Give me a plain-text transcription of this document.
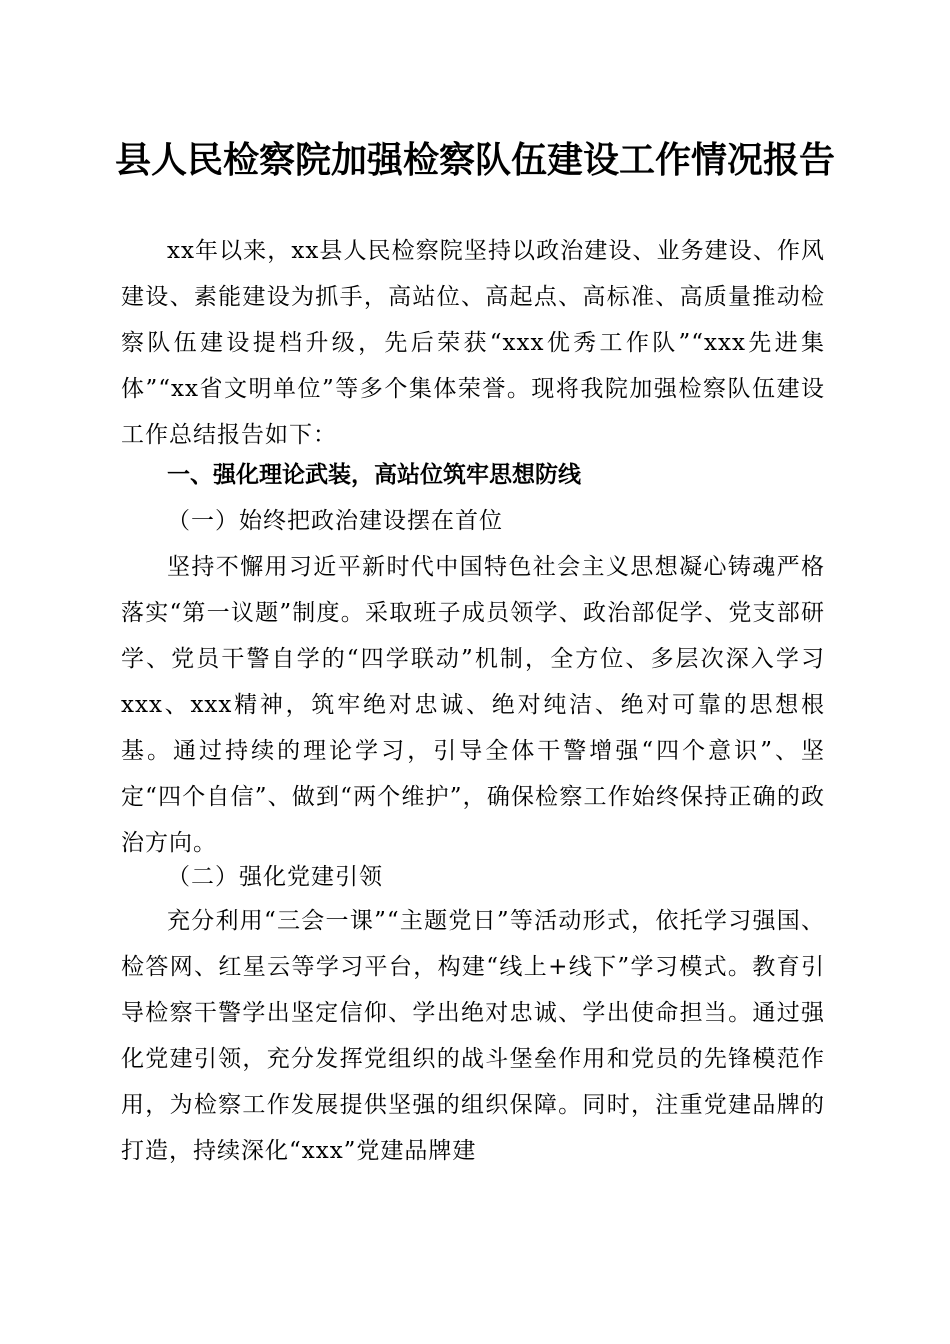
县人民检察院加强检察队伍建设工作情况报告
xx年以来，xx县人民检察院坚持以政治建设、业务建设、作风建设、素能建设为抓手，高站位、高起点、高标准、高质量推动检察队伍建设提档升级，先后荣获“xxx优秀工作队”“xxx先进集体”“xx省文明单位”等多个集体荣誉。现将我院加强检察队伍建设工作总结报告如下：
一、强化理论武装，高站位筑牢思想防线
（一）始终把政治建设摆在首位
坚持不懈用习近平新时代中国特色社会主义思想凝心铸魂严格落实“第一议题”制度。采取班子成员领学、政治部促学、党支部研学、党员干警自学的“四学联动”机制，全方位、多层次深入学习xxx、xxx精神，筑牢绝对忠诚、绝对纯洁、绝对可靠的思想根基。通过持续的理论学习，引导全体干警增强“四个意识”、坚定“四个自信”、做到“两个维护”，确保检察工作始终保持正确的政治方向。
（二）强化党建引领
充分利用“三会一课”“主题党日”等活动形式，依托学习强国、检答网、红星云等学习平台，构建“线上+线下”学习模式。教育引导检察干警学出坚定信仰、学出绝对忠诚、学出使命担当。通过强化党建引领，充分发挥党组织的战斗堡垒作用和党员的先锋模范作用，为检察工作发展提供坚强的组织保障。同时，注重党建品牌的打造，持续深化“xxx”党建品牌建
